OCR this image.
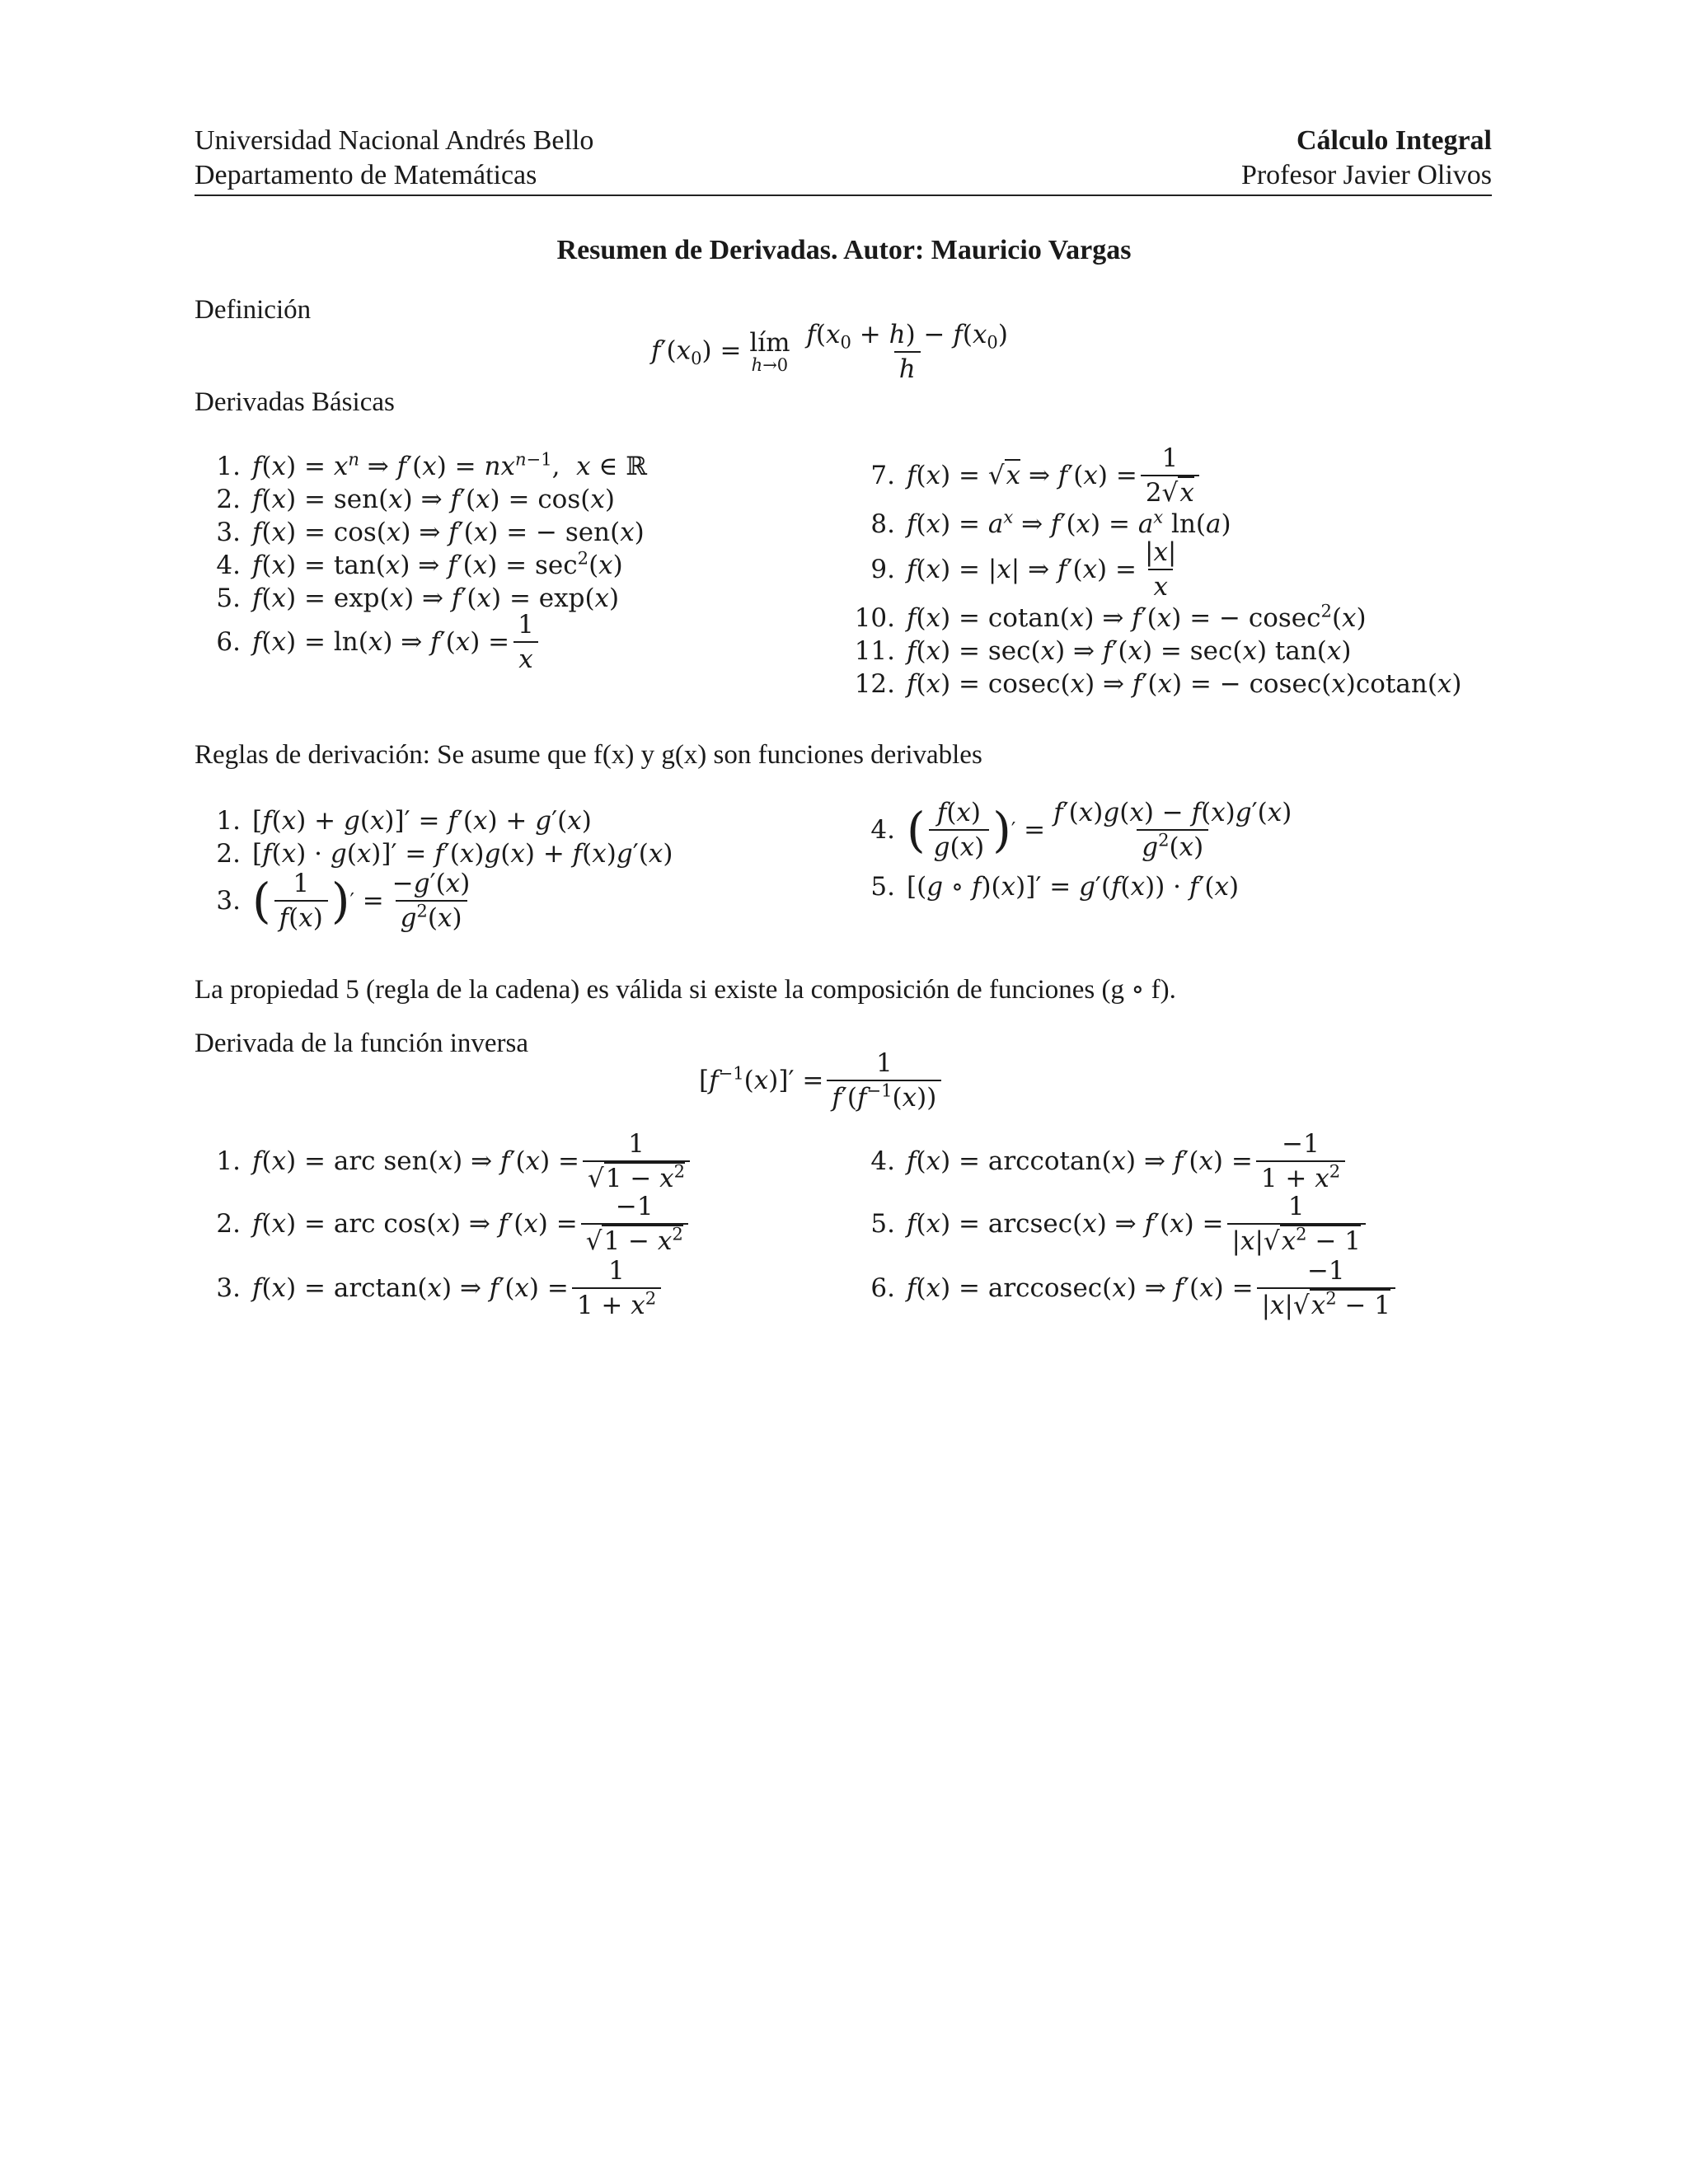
Universidad Nacional Andrés Bello
Departamento de Matemáticas
Cálculo Integral
Profesor Javier Olivos
Resumen de Derivadas. Autor: Mauricio Vargas
Definición
$f'(x_0)$ = lím
h→0
$\frac{f(x_0 + h) - f(x_0)}{h}$
Derivadas Básicas
1. $f(x) = x^n$ ⇒ $f'(x) = nx^{n-1}$,  x ∈ ℝ
2. f(x) = sen(x) ⇒ f′(x) = cos(x)
3. f(x) = cos(x) ⇒ f′(x) = − sen(x)
4. f(x) = tan(x) ⇒ $f'(x) = \sec^2(x)$
5. f(x) = exp(x) ⇒ f′(x) = exp(x)
6. f(x) = ln(x) ⇒ $f'(x) = \frac{1}{x}$
7. f(x) = √x ⇒ $f'(x) = \frac{1}{2√x}$
8. $f(x) = a^x$ ⇒ $f'(x) = a^x$ ln(a)
9. f(x) = |x| ⇒ $f'(x) = \frac{|x|}{x}$
10. f(x) = cotan(x) ⇒ f′(x) = − cosec$^2$(x)
11. f(x) = sec(x) ⇒ f′(x) = sec(x) tan(x)
12. f(x) = cosec(x) ⇒ f′(x) = − cosec(x)cotan(x)
Reglas de derivación: Se asume que f(x) y g(x) son funciones derivables
1. [f(x) + g(x)]′ = f′(x) + g′(x)
2. [f(x) · g(x)]′ = f′(x)g(x) + f(x)g′(x)
3. ( $\frac{1}{f(x)}$ ) ′ = $\frac{-g'(x)}{g^2(x)}$
4. ( $\frac{f(x)}{g(x)}$ ) ′ = $\frac{f'(x)g(x) - f(x)g'(x)}{g^2(x)}$
5. [(g ∘ f)(x)]′ = g′(f(x)) · f′(x)
La propiedad 5 (regla de la cadena) es válida si existe la composición de funciones (g ∘ f).
Derivada de la función inversa
$[f^{-1}(x)]' = \frac{1}{f'(f^{-1}(x))}$
1. f(x) = arc sen(x) ⇒ $f'(x) = \frac{1}{√1 - x^2}$
2. f(x) = arc cos(x) ⇒ $f'(x) = \frac{-1}{√1 - x^2}$
3. f(x) = arctan(x) ⇒ $f'(x) = \frac{1}{1 + x^2}$
4. f(x) = arccotan(x) ⇒ $f'(x) = \frac{-1}{1 + x^2}$
5. f(x) = arcsec(x) ⇒ $f'(x) = \frac{1}{|x|√x^2 - 1}$
6. f(x) = arccosec(x) ⇒ $f'(x) = \frac{-1}{|x|√x^2 - 1}$
